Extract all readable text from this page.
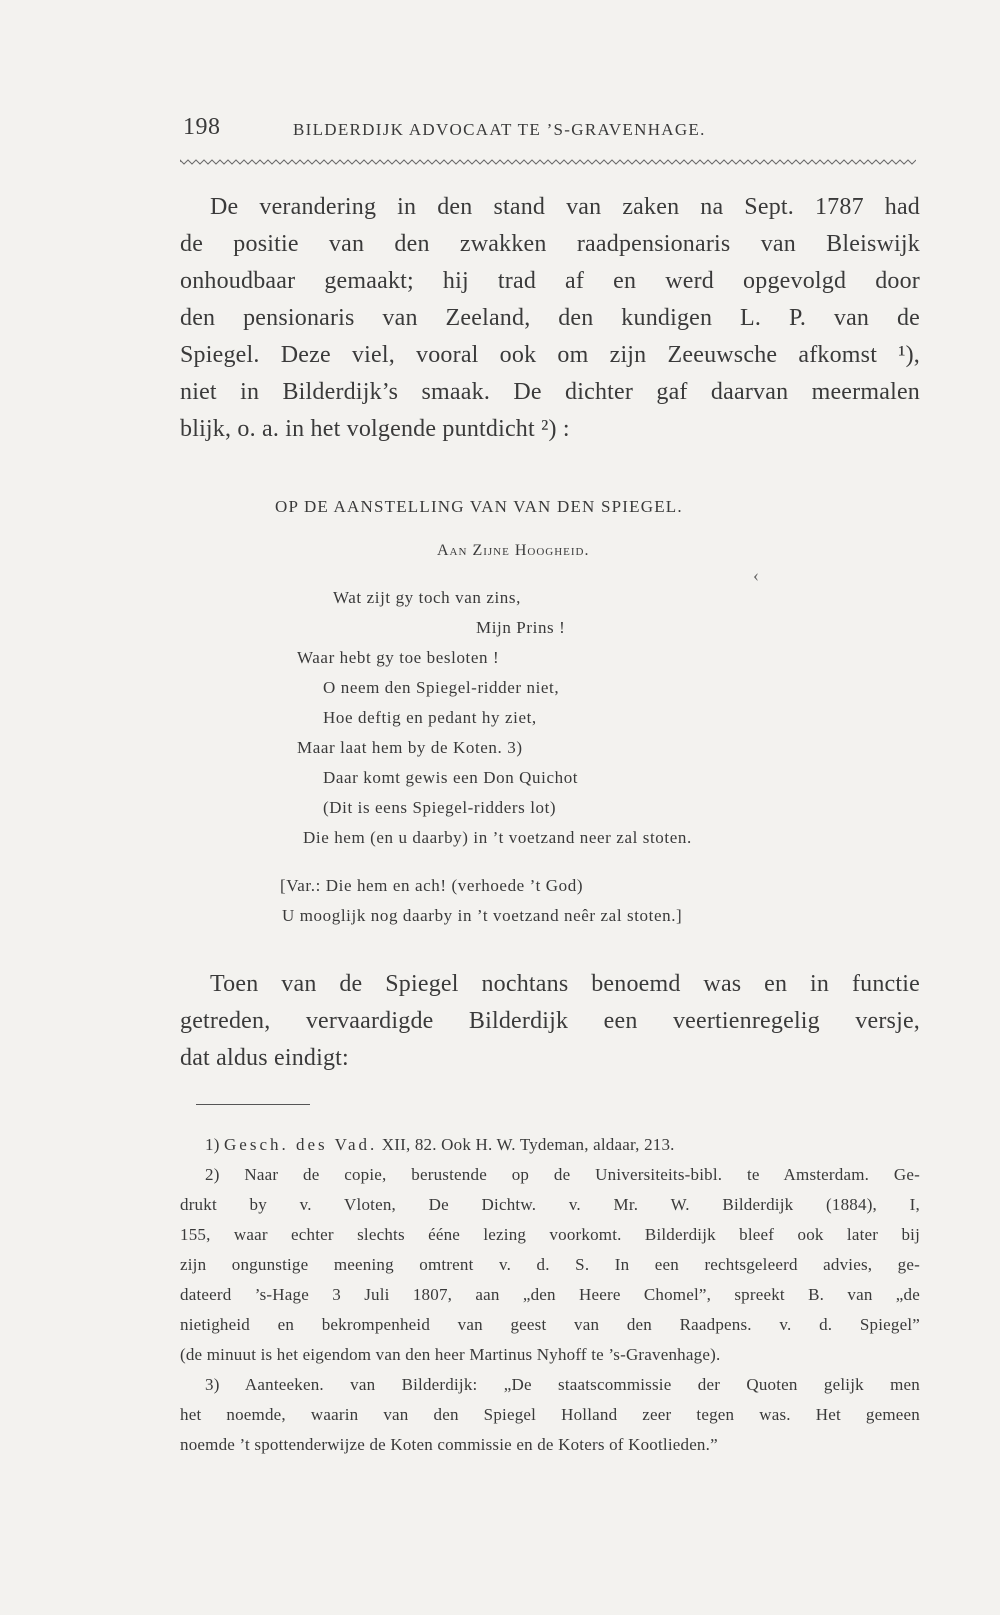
198	BILDERDIJK ADVOCAAT TE ’S-GRAVENHAGE.
De verandering in den stand van zaken na Sept. 1787 had
de positie van den zwakken raadpensionaris van Bleiswijk
onhoudbaar gemaakt; hij trad af en werd opgevolgd door
den pensionaris van Zeeland, den kundigen L. P. van de
Spiegel. Deze viel, vooral ook om zijn Zeeuwsche afkomst ¹),
niet in Bilderdijk’s smaak. De dichter gaf daarvan meermalen
blijk, o. a. in het volgende puntdicht ²) :
OP DE AANSTELLING VAN VAN DEN SPIEGEL.
Aan Zijne Hoogheid.
‹
Wat zijt gy toch van zins,
Mijn Prins !
Waar hebt gy toe besloten !
O neem den Spiegel-ridder niet,
Hoe deftig en pedant hy ziet,
Maar laat hem by de Koten. 3)
Daar komt gewis een Don Quichot
(Dit is eens Spiegel-ridders lot)
Die hem (en u daarby) in ’t voetzand neer zal stoten.
[Var.: Die hem en ach! (verhoede ’t God)
U mooglijk nog daarby in ’t voetzand neêr zal stoten.]
Toen van de Spiegel nochtans benoemd was en in functie
getreden, vervaardigde Bilderdijk een veertienregelig versje,
dat aldus eindigt:
1) Gesch. des Vad. XII, 82. Ook H. W. Tydeman, aldaar, 213.
2) Naar de copie, berustende op de Universiteits-bibl. te Amsterdam. Ge-
drukt by v. Vloten, De Dichtw. v. Mr. W. Bilderdijk (1884), I,
155, waar echter slechts ééne lezing voorkomt. Bilderdijk bleef ook later bij
zijn ongunstige meening omtrent v. d. S. In een rechtsgeleerd advies, ge-
dateerd ’s-Hage 3 Juli 1807, aan „den Heere Chomel”, spreekt B. van „de
nietigheid en bekrompenheid van geest van den Raadpens. v. d. Spiegel”
(de minuut is het eigendom van den heer Martinus Nyhoff te ’s-Gravenhage).
3) Aanteeken. van Bilderdijk: „De staatscommissie der Quoten gelijk men
het noemde, waarin van den Spiegel Holland zeer tegen was. Het gemeen
noemde ’t spottenderwijze de Koten commissie en de Koters of Kootlieden.”
